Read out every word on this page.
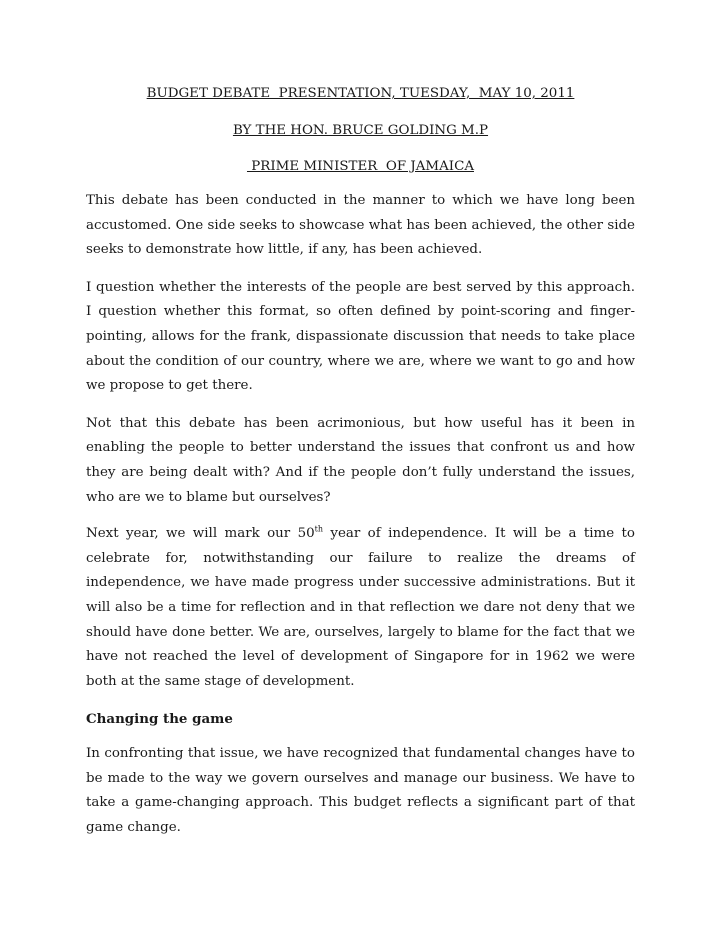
BUDGET DEBATE  PRESENTATION, TUESDAY,  MAY 10, 2011
BY THE HON. BRUCE GOLDING M.P
PRIME MINISTER  OF JAMAICA

This debate has been conducted in the manner to which we have long been accustomed. One side seeks to showcase what has been achieved, the other side seeks to demonstrate how little, if any, has been achieved.

I question whether the interests of the people are best served by this approach. I question whether this format, so often defined by point-scoring and finger-pointing, allows for the frank, dispassionate discussion that needs to take place about the condition of our country, where we are, where we want to go and how we propose to get there.

Not that this debate has been acrimonious, but how useful has it been in enabling the people to better understand the issues that confront us and how they are being dealt with? And if the people don’t fully understand the issues, who are we to blame but ourselves?

Next year, we will mark our 50th year of independence. It will be a time to celebrate for, notwithstanding our failure to realize the dreams of independence, we have made progress under successive administrations. But it will also be a time for reflection and in that reflection we dare not deny that we should have done better. We are, ourselves, largely to blame for the fact that we have not reached the level of development of Singapore for in 1962 we were both at the same stage of development.

Changing the game

In confronting that issue, we have recognized that fundamental changes have to be made to the way we govern ourselves and manage our business. We have to take a game-changing approach. This budget reflects a significant part of that game change.
